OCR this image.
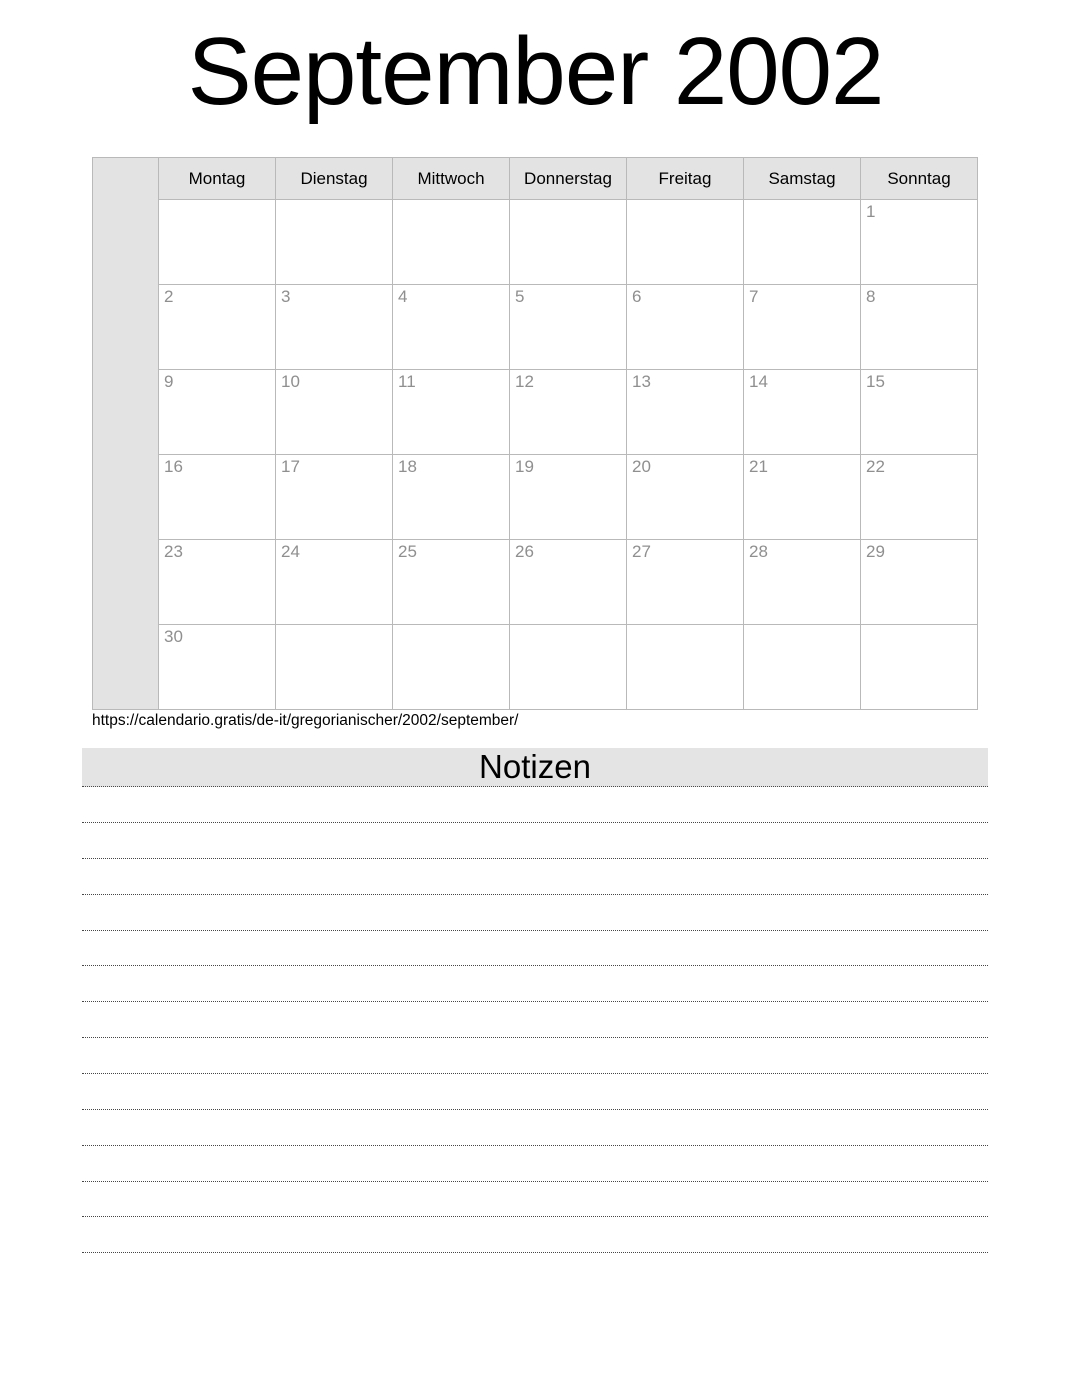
September 2002
	Montag	Dienstag	Mittwoch	Donnerstag	Freitag	Samstag	Sonntag

							1

	2	3	4	5	6	7	8

	9	10	11	12	13	14	15

	16	17	18	19	20	21	22

	23	24	25	26	27	28	29

	30						

https://calendario.gratis/de-it/gregorianischer/2002/september/
Notizen
